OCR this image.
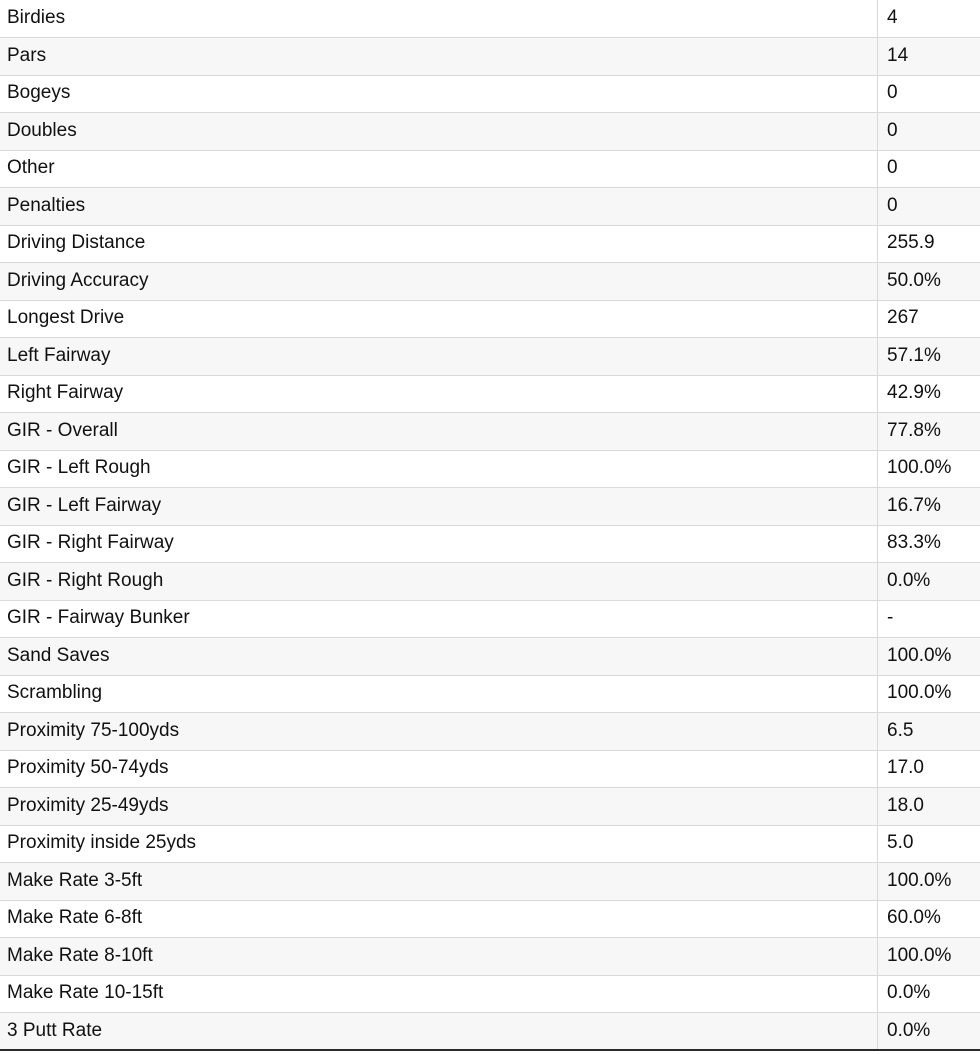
Birdies	4
Pars	14
Bogeys	0
Doubles	0
Other	0
Penalties	0
Driving Distance	255.9
Driving Accuracy	50.0%
Longest Drive	267
Left Fairway	57.1%
Right Fairway	42.9%
GIR - Overall	77.8%
GIR - Left Rough	100.0%
GIR - Left Fairway	16.7%
GIR - Right Fairway	83.3%
GIR - Right Rough	0.0%
GIR - Fairway Bunker	-
Sand Saves	100.0%
Scrambling	100.0%
Proximity 75-100yds	6.5
Proximity 50-74yds	17.0
Proximity 25-49yds	18.0
Proximity inside 25yds	5.0
Make Rate 3-5ft	100.0%
Make Rate 6-8ft	60.0%
Make Rate 8-10ft	100.0%
Make Rate 10-15ft	0.0%
3 Putt Rate	0.0%
